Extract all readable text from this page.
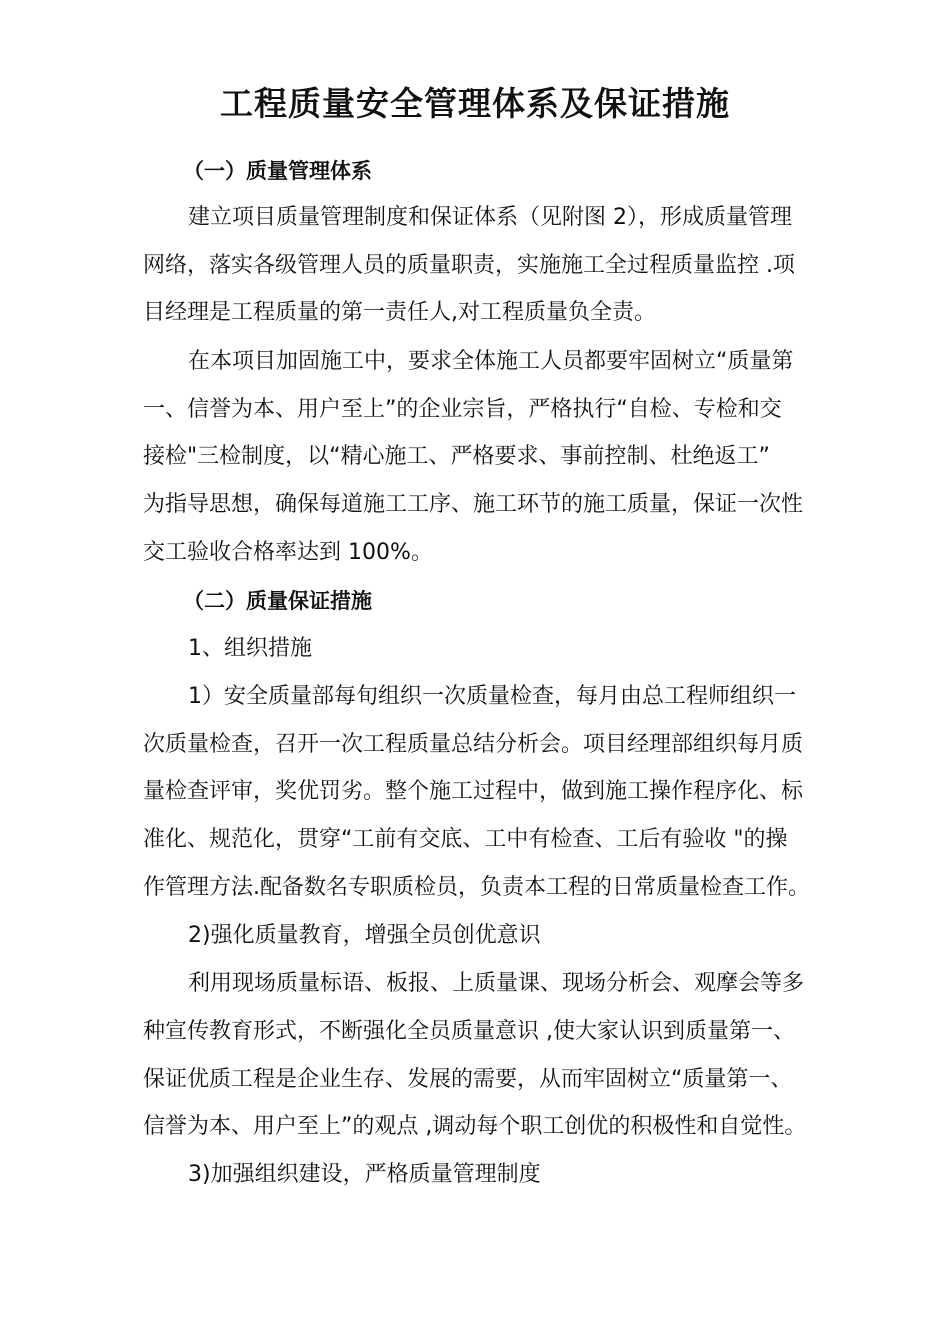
工程质量安全管理体系及保证措施
（一）质量管理体系
建立项目质量管理制度和保证体系（见附图 2），形成质量管理
网络，落实各级管理人员的质量职责，实施施工全过程质量监控 .项
目经理是工程质量的第一责任人,对工程质量负全责。
在本项目加固施工中，要求全体施工人员都要牢固树立“质量第
一、信誉为本、用户至上”的企业宗旨，严格执行“自检、专检和交
接检"三检制度，以“精心施工、严格要求、事前控制、杜绝返工”
为指导思想，确保每道施工工序、施工环节的施工质量，保证一次性
交工验收合格率达到 100%。
（二）质量保证措施
1、组织措施
1）安全质量部每旬组织一次质量检查，每月由总工程师组织一
次质量检查，召开一次工程质量总结分析会。项目经理部组织每月质
量检查评审，奖优罚劣。整个施工过程中，做到施工操作程序化、标
准化、规范化，贯穿“工前有交底、工中有检查、工后有验收 "的操
作管理方法.配备数名专职质检员，负责本工程的日常质量检查工作。
2)强化质量教育，增强全员创优意识
利用现场质量标语、板报、上质量课、现场分析会、观摩会等多
种宣传教育形式，不断强化全员质量意识 ,使大家认识到质量第一、
保证优质工程是企业生存、发展的需要，从而牢固树立“质量第一、
信誉为本、用户至上”的观点 ,调动每个职工创优的积极性和自觉性。
3)加强组织建设，严格质量管理制度
